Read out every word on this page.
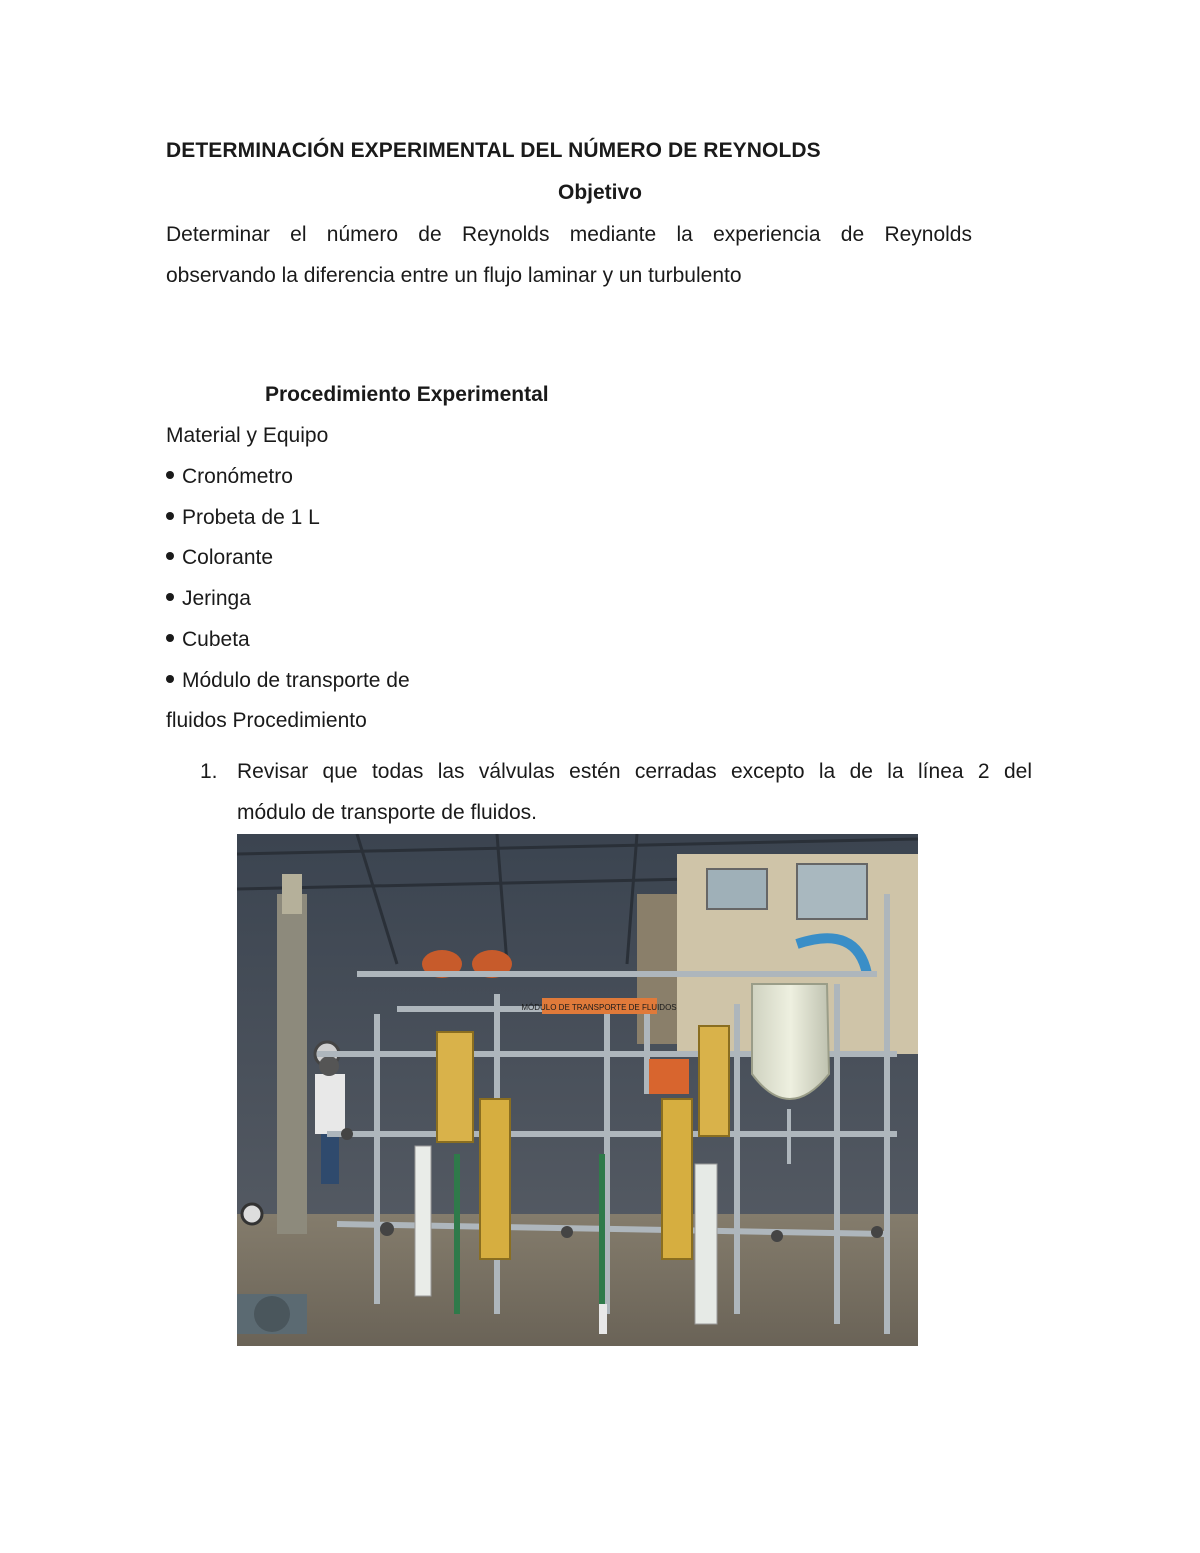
DETERMINACIÓN EXPERIMENTAL DEL NÚMERO DE REYNOLDS
Objetivo
Determinar el número de Reynolds mediante la experiencia de Reynolds
observando la diferencia entre un flujo laminar y un turbulento
Procedimiento Experimental
Material y Equipo
Cronómetro
Probeta de 1 L
Colorante
Jeringa
Cubeta
Módulo de transporte de
fluidos Procedimiento
1. Revisar que todas las válvulas estén cerradas excepto la de la línea 2 del
módulo de transporte de fluidos.
MÓDULO DE TRANSPORTE DE FLUIDOS
